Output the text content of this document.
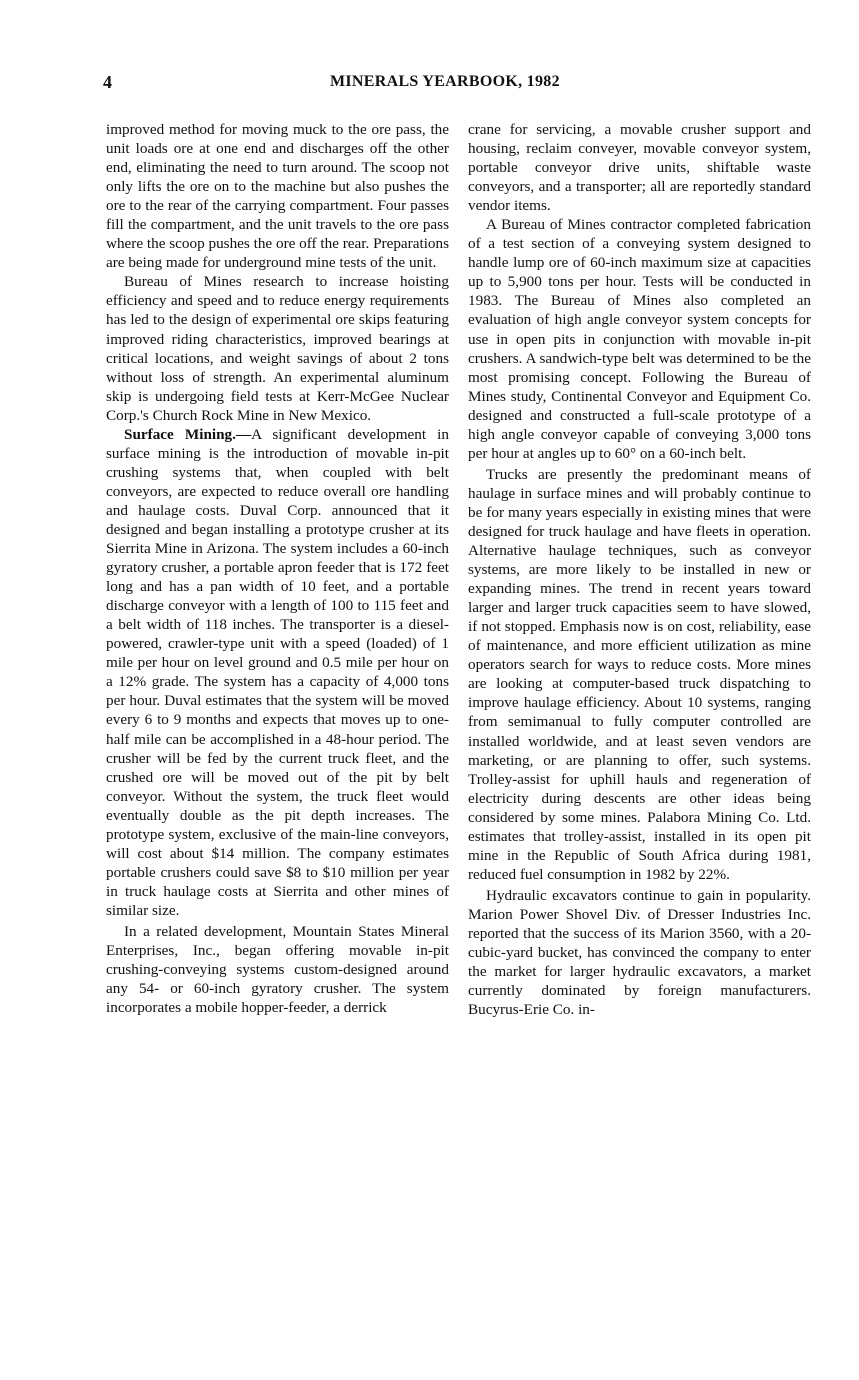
4	MINERALS YEARBOOK, 1982

improved method for moving muck to the ore pass, the unit loads ore at one end and discharges off the other end, eliminating the need to turn around. The scoop not only lifts the ore on to the machine but also pushes the ore to the rear of the carrying compartment. Four passes fill the compartment, and the unit travels to the ore pass where the scoop pushes the ore off the rear. Preparations are being made for underground mine tests of the unit.

Bureau of Mines research to increase hoisting efficiency and speed and to reduce energy requirements has led to the design of experimental ore skips featuring improved riding characteristics, improved bearings at critical locations, and weight savings of about 2 tons without loss of strength. An experimental aluminum skip is undergoing field tests at Kerr-McGee Nuclear Corp.'s Church Rock Mine in New Mexico.

Surface Mining.—A significant development in surface mining is the introduction of movable in-pit crushing systems that, when coupled with belt conveyors, are expected to reduce overall ore handling and haulage costs. Duval Corp. announced that it designed and began installing a prototype crusher at its Sierrita Mine in Arizona. The system includes a 60-inch gyratory crusher, a portable apron feeder that is 172 feet long and has a pan width of 10 feet, and a portable discharge conveyor with a length of 100 to 115 feet and a belt width of 118 inches. The transporter is a diesel-powered, crawler-type unit with a speed (loaded) of 1 mile per hour on level ground and 0.5 mile per hour on a 12% grade. The system has a capacity of 4,000 tons per hour. Duval estimates that the system will be moved every 6 to 9 months and expects that moves up to one-half mile can be accomplished in a 48-hour period. The crusher will be fed by the current truck fleet, and the crushed ore will be moved out of the pit by belt conveyor. Without the system, the truck fleet would eventually double as the pit depth increases. The prototype system, exclusive of the main-line conveyors, will cost about $14 million. The company estimates portable crushers could save $8 to $10 million per year in truck haulage costs at Sierrita and other mines of similar size.

In a related development, Mountain States Mineral Enterprises, Inc., began offering movable in-pit crushing-conveying systems custom-designed around any 54- or 60-inch gyratory crusher. The system incorporates a mobile hopper-feeder, a derrick

crane for servicing, a movable crusher support and housing, reclaim conveyer, movable conveyor system, portable conveyor drive units, shiftable waste conveyors, and a transporter; all are reportedly standard vendor items.

A Bureau of Mines contractor completed fabrication of a test section of a conveying system designed to handle lump ore of 60-inch maximum size at capacities up to 5,900 tons per hour. Tests will be conducted in 1983. The Bureau of Mines also completed an evaluation of high angle conveyor system concepts for use in open pits in conjunction with movable in-pit crushers. A sandwich-type belt was determined to be the most promising concept. Following the Bureau of Mines study, Continental Conveyor and Equipment Co. designed and constructed a full-scale prototype of a high angle conveyor capable of conveying 3,000 tons per hour at angles up to 60° on a 60-inch belt.

Trucks are presently the predominant means of haulage in surface mines and will probably continue to be for many years especially in existing mines that were designed for truck haulage and have fleets in operation. Alternative haulage techniques, such as conveyor systems, are more likely to be installed in new or expanding mines. The trend in recent years toward larger and larger truck capacities seem to have slowed, if not stopped. Emphasis now is on cost, reliability, ease of maintenance, and more efficient utilization as mine operators search for ways to reduce costs. More mines are looking at computer-based truck dispatching to improve haulage efficiency. About 10 systems, ranging from semimanual to fully computer controlled are installed worldwide, and at least seven vendors are marketing, or are planning to offer, such systems. Trolley-assist for uphill hauls and regeneration of electricity during descents are other ideas being considered by some mines. Palabora Mining Co. Ltd. estimates that trolley-assist, installed in its open pit mine in the Republic of South Africa during 1981, reduced fuel consumption in 1982 by 22%.

Hydraulic excavators continue to gain in popularity. Marion Power Shovel Div. of Dresser Industries Inc. reported that the success of its Marion 3560, with a 20-cubic-yard bucket, has convinced the company to enter the market for larger hydraulic excavators, a market currently dominated by foreign manufacturers. Bucyrus-Erie Co. in-
